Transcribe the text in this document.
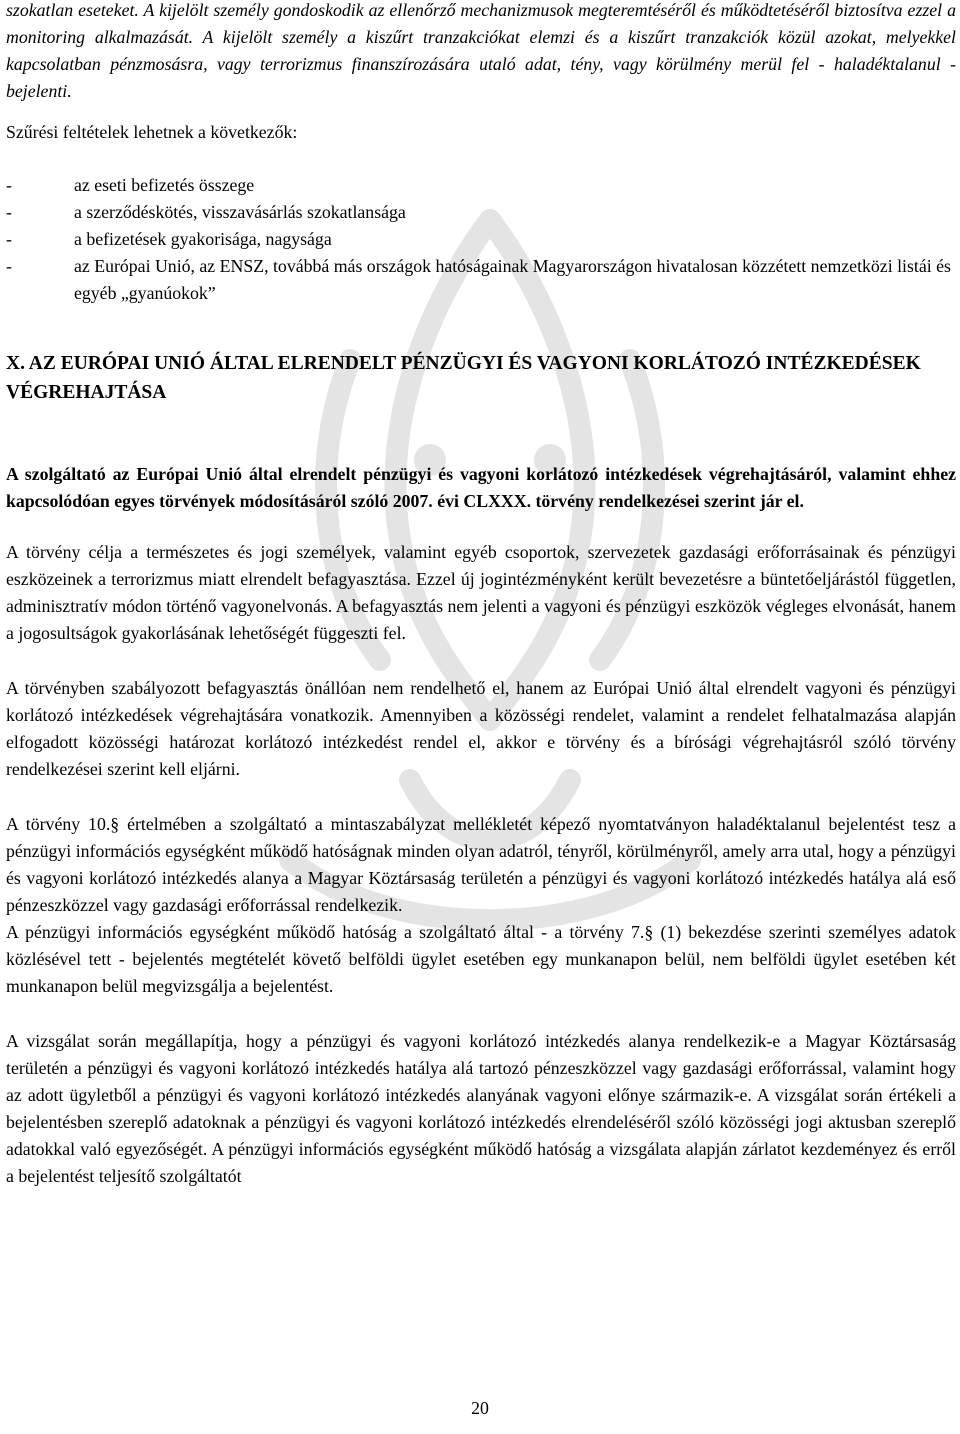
szokatlan eseteket. A kijelölt személy gondoskodik az ellenőrző mechanizmusok megteremtéséről és működtetéséről biztosítva ezzel a monitoring alkalmazását. A kijelölt személy a kiszűrt tranzakciókat elemzi és a kiszűrt tranzakciók közül azokat, melyekkel kapcsolatban pénzmosásra, vagy terrorizmus finanszírozására utaló adat, tény, vagy körülmény merül fel - haladéktalanul - bejelenti.

Szűrési feltételek lehetnek a következők:

-	az eseti befizetés összege
-	a szerződéskötés, visszavásárlás szokatlansága
-	a befizetések gyakorisága, nagysága
-	az Európai Unió, az ENSZ, továbbá más országok hatóságainak Magyarországon hivatalosan közzétett nemzetközi listái és egyéb „gyanúokok”
X. AZ EURÓPAI UNIÓ ÁLTAL ELRENDELT PÉNZÜGYI ÉS VAGYONI KORLÁTOZÓ INTÉZKEDÉSEK VÉGREHAJTÁSA

A szolgáltató az Európai Unió által elrendelt pénzügyi és vagyoni korlátozó intézkedések végrehajtásáról, valamint ehhez kapcsolódóan egyes törvények módosításáról szóló 2007. évi CLXXX. törvény rendelkezései szerint jár el.

A törvény célja a természetes és jogi személyek, valamint egyéb csoportok, szervezetek gazdasági erőforrásainak és pénzügyi eszközeinek a terrorizmus miatt elrendelt befagyasztása. Ezzel új jogintézményként került bevezetésre a büntetőeljárástól független, adminisztratív módon történő vagyonelvonás. A befagyasztás nem jelenti a vagyoni és pénzügyi eszközök végleges elvonását, hanem a jogosultságok gyakorlásának lehetőségét függeszti fel.

A törvényben szabályozott befagyasztás önállóan nem rendelhető el, hanem az Európai Unió által elrendelt vagyoni és pénzügyi korlátozó intézkedések végrehajtására vonatkozik. Amennyiben a közösségi rendelet, valamint a rendelet felhatalmazása alapján elfogadott közösségi határozat korlátozó intézkedést rendel el, akkor e törvény és a bírósági végrehajtásról szóló törvény rendelkezései szerint kell eljárni.

A törvény 10.§ értelmében a szolgáltató a mintaszabályzat mellékletét képező nyomtatványon haladéktalanul bejelentést tesz a pénzügyi információs egységként működő hatóságnak minden olyan adatról, tényről, körülményről, amely arra utal, hogy a pénzügyi és vagyoni korlátozó intézkedés alanya a Magyar Köztársaság területén a pénzügyi és vagyoni korlátozó intézkedés hatálya alá eső pénzeszközzel vagy gazdasági erőforrással rendelkezik.

A pénzügyi információs egységként működő hatóság a szolgáltató által - a törvény 7.§ (1) bekezdése szerinti személyes adatok közlésével tett - bejelentés megtételét követő belföldi ügylet esetében egy munkanapon belül, nem belföldi ügylet esetében két munkanapon belül megvizsgálja a bejelentést.

A vizsgálat során megállapítja, hogy a pénzügyi és vagyoni korlátozó intézkedés alanya rendelkezik-e a Magyar Köztársaság területén a pénzügyi és vagyoni korlátozó intézkedés hatálya alá tartozó pénzeszközzel vagy gazdasági erőforrással, valamint hogy az adott ügyletből a pénzügyi és vagyoni korlátozó intézkedés alanyának vagyoni előnye származik-e. A vizsgálat során értékeli a bejelentésben szereplő adatoknak a pénzügyi és vagyoni korlátozó intézkedés elrendeléséről szóló közösségi jogi aktusban szereplő adatokkal való egyezőségét. A pénzügyi információs egységként működő hatóság a vizsgálata alapján zárlatot kezdeményez és erről a bejelentést teljesítő szolgáltatót

20
